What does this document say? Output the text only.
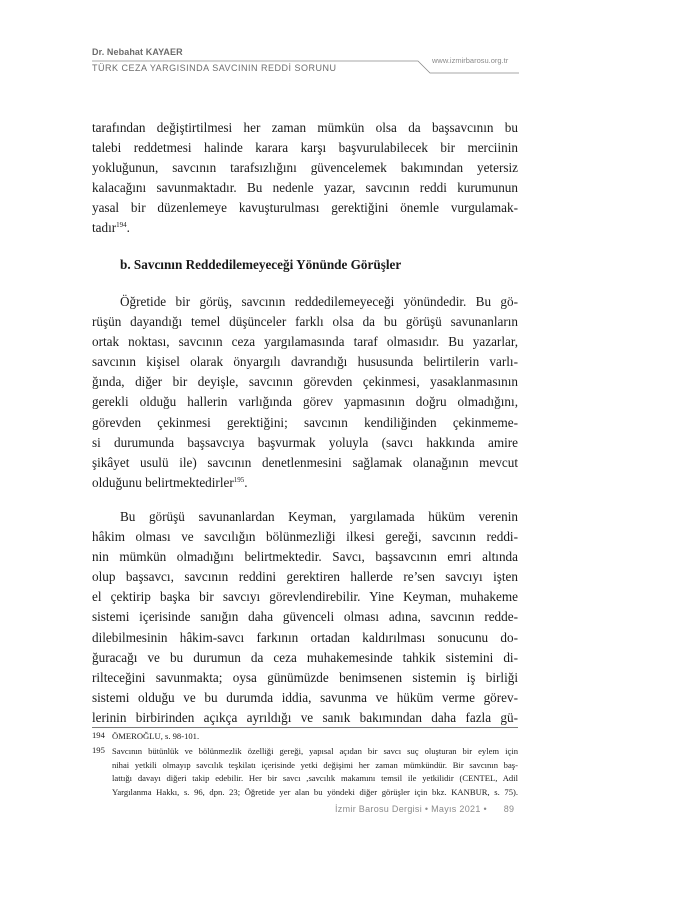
Dr. Nebahat KAYAER
TÜRK CEZA YARGISINDA SAVCININ REDDİ SORUNU
www.izmirbarosu.org.tr
tarafından değiştirtilmesi her zaman mümkün olsa da başsavcının bu
talebi reddetmesi halinde karara karşı başvurulabilecek bir merciinin
yokluğunun, savcının tarafsızlığını güvencelemek bakımından yetersiz
kalacağını savunmaktadır. Bu nedenle yazar, savcının reddi kurumunun
yasal bir düzenlemeye kavuşturulması gerektiğini önemle vurgulamak-
tadır$^{194}$.
b. Savcının Reddedilemeyeceği Yönünde Görüşler
Öğretide bir görüş, savcının reddedilemeyeceği yönündedir. Bu gö-
rüşün dayandığı temel düşünceler farklı olsa da bu görüşü savunanların
ortak noktası, savcının ceza yargılamasında taraf olmasıdır. Bu yazarlar,
savcının kişisel olarak önyargılı davrandığı hususunda belirtilerin varlı-
ğında, diğer bir deyişle, savcının görevden çekinmesi, yasaklanmasının
gerekli olduğu hallerin varlığında görev yapmasının doğru olmadığını,
görevden çekinmesi gerektiğini; savcının kendiliğinden çekinmeme-
si durumunda başsavcıya başvurmak yoluyla (savcı hakkında amire
şikâyet usulü ile) savcının denetlenmesini sağlamak olanağının mevcut
olduğunu belirtmektedirler$^{195}$.
Bu görüşü savunanlardan Keyman, yargılamada hüküm verenin
hâkim olması ve savcılığın bölünmezliği ilkesi gereği, savcının reddi-
nin mümkün olmadığını belirtmektedir. Savcı, başsavcının emri altında
olup başsavcı, savcının reddini gerektiren hallerde re’sen savcıyı işten
el çektirip başka bir savcıyı görevlendirebilir. Yine Keyman, muhakeme
sistemi içerisinde sanığın daha güvenceli olması adına, savcının redde-
dilebilmesinin hâkim-savcı farkının ortadan kaldırılması sonucunu do-
ğuracağı ve bu durumun da ceza muhakemesinde tahkik sistemini di-
rilteceğini savunmakta; oysa günümüzde benimsenen sistemin iş birliği
sistemi olduğu ve bu durumda iddia, savunma ve hüküm verme görev-
lerinin birbirinden açıkça ayrıldığı ve sanık bakımından daha fazla gü-
194 ÖMEROĞLU, s. 98-101.
195 Savcının bütünlük ve bölünmezlik özelliği gereği, yapısal açıdan bir savcı suç oluşturan bir eylem için
nihai yetkili olmayıp savcılık teşkilatı içerisinde yetki değişimi her zaman mümkündür. Bir savcının baş-
lattığı davayı diğeri takip edebilir. Her bir savcı ,savcılık makamını temsil ile yetkilidir (CENTEL, Adil
Yargılanma Hakkı, s. 96, dpn. 23; Öğretide yer alan bu yöndeki diğer görüşler için bkz. KANBUR, s. 75).
İzmir Barosu Dergisi • Mayıs 2021 • 89
